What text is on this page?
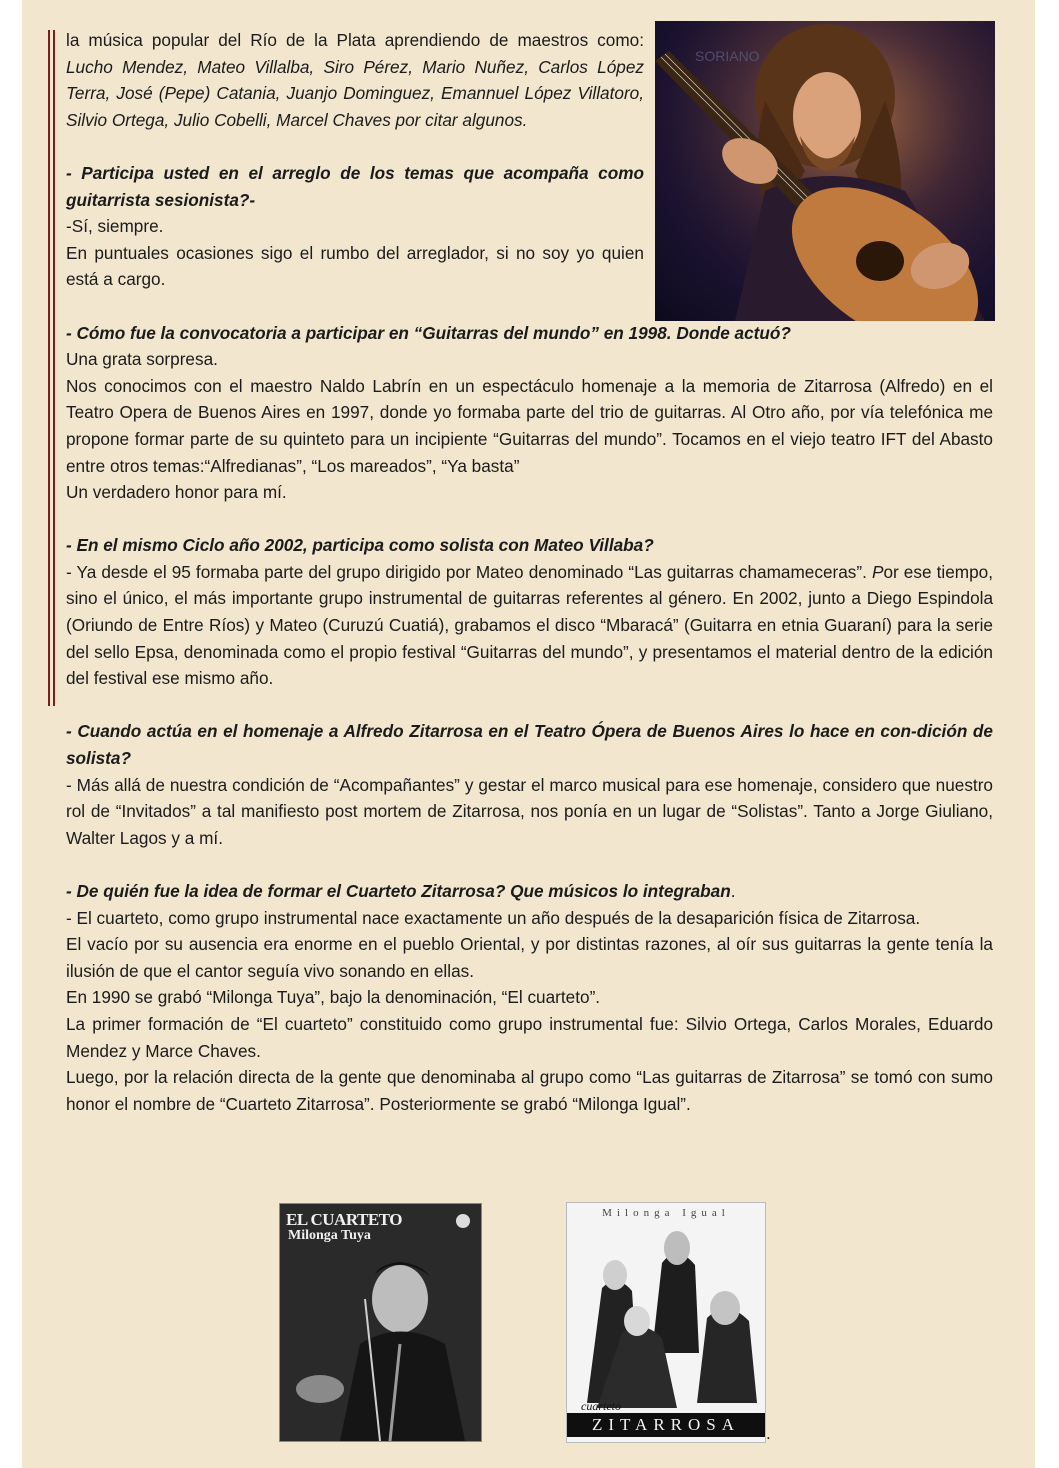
SORIANO

la música popular del Río de la Plata aprendiendo de maestros como: Lucho Mendez, Mateo Villalba, Siro Pérez, Mario Nuñez, Carlos López Terra, José (Pepe) Catania, Juanjo Dominguez, Emannuel López Villatoro, Silvio Ortega, Julio Cobelli, Marcel Chaves por citar algunos.

- Participa usted en el arreglo de los temas que acompaña como guitarrista sesionista?-

-Sí, siempre.

En puntuales ocasiones sigo el rumbo del arreglador, si no soy yo quien está a cargo.

- Cómo fue la convocatoria a participar en “Guitarras del mundo” en 1998. Donde actuó?

Una grata sorpresa.

Nos conocimos con el maestro Naldo Labrín en un espectáculo homenaje a la memoria de Zitarrosa (Alfredo) en el Teatro Opera de Buenos Aires en 1997, donde yo formaba parte del trio de guitarras. Al Otro año, por vía telefónica me propone formar parte de su quinteto para un incipiente “Guitarras del mundo”. Tocamos en el viejo teatro IFT del Abasto entre otros temas:“Alfredianas”, “Los mareados”, “Ya basta”

Un verdadero honor para mí.

- En el mismo Ciclo año 2002, participa como solista con Mateo Villaba?

- Ya desde el 95 formaba parte del grupo dirigido por Mateo denominado “Las guitarras chamameceras”. Por ese tiempo, sino el único, el más importante grupo instrumental de guitarras referentes al género. En 2002, junto a Diego Espindola (Oriundo de Entre Ríos) y Mateo (Curuzú Cuatiá), grabamos el disco “Mbaracá” (Guitarra en etnia Guaraní) para la serie del sello Epsa, denominada como el propio festival “Guitarras del mundo”, y presentamos el material dentro de la edición del festival ese mismo año.

- Cuando actúa en el homenaje a Alfredo Zitarrosa en el Teatro Ópera de Buenos Aires lo hace en con-dición de solista?

- Más allá de nuestra condición de “Acompañantes” y gestar el marco musical para ese homenaje, considero que nuestro rol de “Invitados” a tal manifiesto post mortem de Zitarrosa, nos ponía en un lugar de “Solistas”. Tanto a Jorge Giuliano, Walter Lagos y a mí.

- De quién fue la idea de formar el Cuarteto Zitarrosa? Que músicos lo integraban.

- El cuarteto, como grupo instrumental nace exactamente un año después de la desaparición física de Zitarrosa.

El vacío por su ausencia era enorme en el pueblo Oriental, y por distintas razones, al oír sus guitarras la gente tenía la ilusión de que el cantor seguía vivo sonando en ellas.

En 1990 se grabó “Milonga Tuya”, bajo la denominación, “El cuarteto”.

La primer formación de “El cuarteto” constituido como grupo instrumental fue: Silvio Ortega, Carlos Morales, Eduardo Mendez y Marce Chaves.

Luego, por la relación directa de la gente que denominaba al grupo como “Las guitarras de Zitarrosa” se tomó con sumo honor el nombre de “Cuarteto Zitarrosa”. Posteriormente se grabó “Milonga Igual”.

EL CUARTETO
Milonga Tuya
Milonga Igual
cuarteto
ZITARROSA	.
